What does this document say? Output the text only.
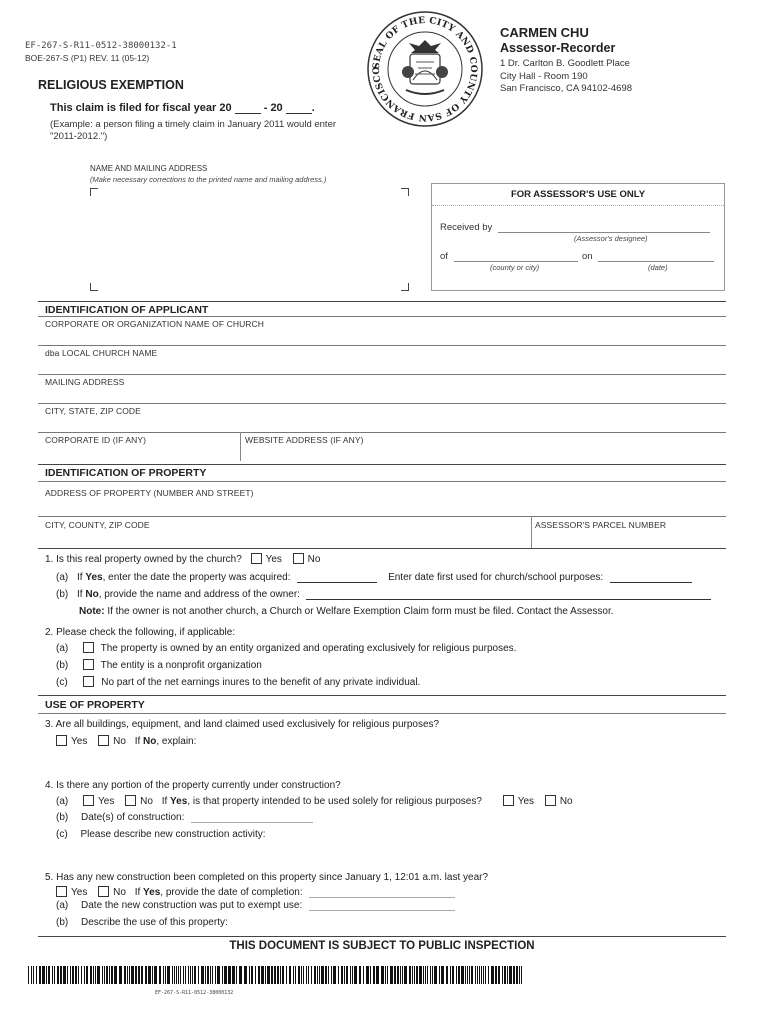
EF-267-S-R11-0512-38000132-1
BOE-267-S (P1) REV. 11 (05-12)
RELIGIOUS EXEMPTION
This claim is filed for fiscal year 20	- 20	.
(Example: a person filing a timely claim in January 2011 would enter "2011-2012.")
SEAL OF THE CITY AND COUNTY OF SAN FRANCISCO
CARMEN CHU
Assessor-Recorder
1 Dr. Carlton B. Goodlett Place
City Hall - Room 190
San Francisco, CA 94102-4698
NAME AND MAILING ADDRESS
(Make necessary corrections to the printed name and mailing address.)
FOR ASSESSOR'S USE ONLY
Received by
(Assessor's designee)
of
(county or city)
on
(date)
IDENTIFICATION OF APPLICANT
CORPORATE OR ORGANIZATION NAME OF CHURCH
dba LOCAL CHURCH NAME
MAILING ADDRESS
CITY, STATE, ZIP CODE
CORPORATE ID (IF ANY)	WEBSITE ADDRESS (IF ANY)
IDENTIFICATION OF PROPERTY
ADDRESS OF PROPERTY (NUMBER AND STREET)
CITY, COUNTY, ZIP CODE	ASSESSOR'S PARCEL NUMBER
1. Is this real property owned by the church? Yes	No
(a) If Yes, enter the date the property was acquired:	Enter date first used for church/school purposes:
(b) If No, provide the name and address of the owner:
Note: If the owner is not another church, a Church or Welfare Exemption Claim form must be filed. Contact the Assessor.
2. Please check the following, if applicable:
(a)	The property is owned by an entity organized and operating exclusively for religious purposes.
(b)	The entity is a nonprofit organization
(c)	No part of the net earnings inures to the benefit of any private individual.
USE OF PROPERTY
3. Are all buildings, equipment, and land claimed used exclusively for religious purposes?
Yes	No If No, explain:
4. Is there any portion of the property currently under construction?
(a)	Yes	No If Yes, is that property intended to be used solely for religious purposes?	Yes	No
(b) Date(s) of construction:
(c) Please describe new construction activity:
5. Has any new construction been completed on this property since January 1, 12:01 a.m. last year?
Yes	No If Yes, provide the date of completion:
(a) Date the new construction was put to exempt use:
(b) Describe the use of this property:
THIS DOCUMENT IS SUBJECT TO PUBLIC INSPECTION
EF-267-S-R11-0512-38000132
